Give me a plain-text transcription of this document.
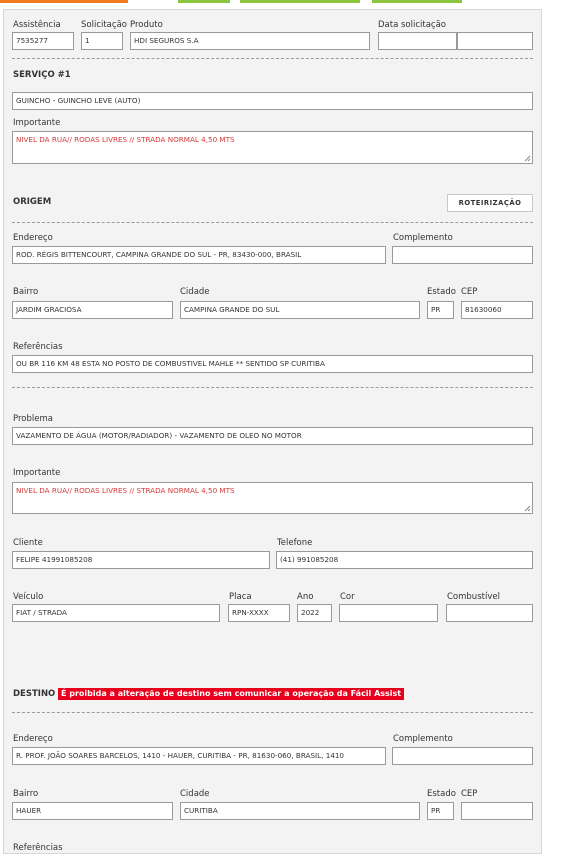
Assistência
7535277
Solicitação
1
Produto
HDI SEGUROS S.A
Data solicitação
SERVIÇO #1
GUINCHO - GUINCHO LEVE (AUTO)
Importante
NIVEL DA RUA// RODAS LIVRES // STRADA NORMAL 4,50 MTS
ORIGEM	ROTEIRIZAÇÃO
Endereço
ROD. RÉGIS BITTENCOURT, CAMPINA GRANDE DO SUL - PR, 83430-000, BRASIL
Complemento
Bairro
JARDIM GRACIOSA
Cidade
CAMPINA GRANDE DO SUL
Estado
PR
CEP
81630060
Referências
OU BR 116 KM 48 ESTA NO POSTO DE COMBUSTIVEL MAHLE ** SENTIDO SP CURITIBA
Problema
VAZAMENTO DE ÁGUA (MOTOR/RADIADOR) - VAZAMENTO DE OLEO NO MOTOR
Importante
NIVEL DA RUA// RODAS LIVRES // STRADA NORMAL 4,50 MTS
Cliente
FELIPE 41991085208
Telefone
(41) 991085208
Veículo
FIAT / STRADA
Placa
RPN-XXXX
Ano
2022
Cor	Combustível
DESTINO É proibida a alteração de destino sem comunicar a operação da Fácil Assist
Endereço
R. PROF. JOÃO SOARES BARCELOS, 1410 - HAUER, CURITIBA - PR, 81630-060, BRASIL, 1410
Complemento
Bairro
HAUER
Cidade
CURITIBA
Estado
PR
CEP
Referências
